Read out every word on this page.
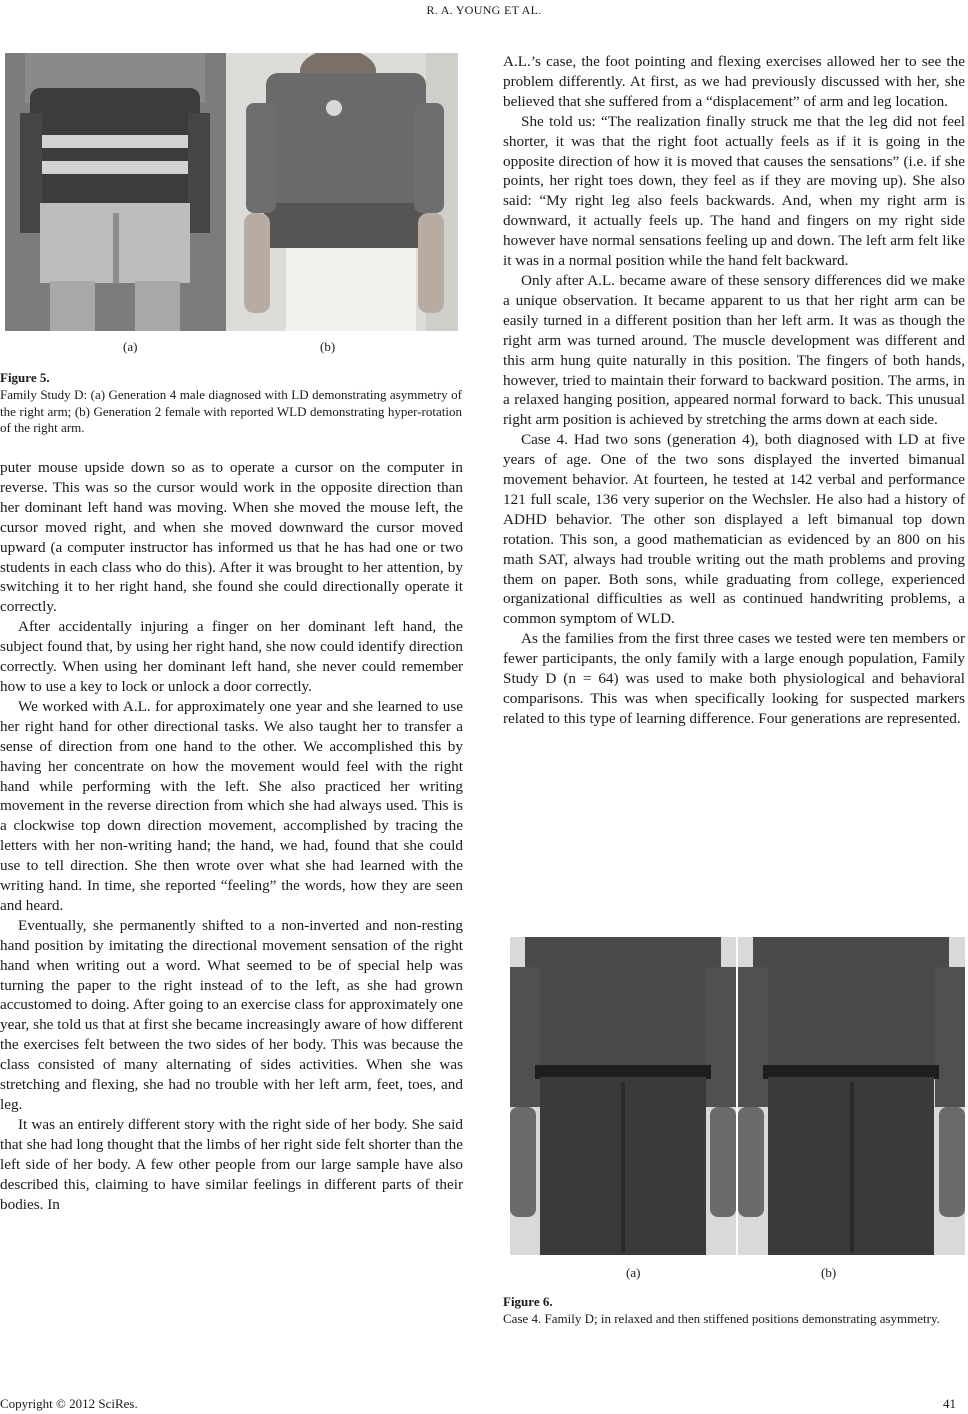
R. A. YOUNG ET AL.
(a)	(b)
Figure 5.
Family Study D: (a) Generation 4 male diagnosed with LD demonstrating asymmetry of the right arm; (b) Generation 2 female with reported WLD demonstrating hyper-rotation of the right arm.

puter mouse upside down so as to operate a cursor on the computer in reverse. This was so the cursor would work in the opposite direction than her dominant left hand was moving. When she moved the mouse left, the cursor moved right, and when she moved downward the cursor moved upward (a computer instructor has informed us that he has had one or two students in each class who do this). After it was brought to her attention, by switching it to her right hand, she found she could directionally operate it correctly.

After accidentally injuring a finger on her dominant left hand, the subject found that, by using her right hand, she now could identify direction correctly. When using her dominant left hand, she never could remember how to use a key to lock or unlock a door correctly.

We worked with A.L. for approximately one year and she learned to use her right hand for other directional tasks. We also taught her to transfer a sense of direction from one hand to the other. We accomplished this by having her concentrate on how the movement would feel with the right hand while performing with the left. She also practiced her writing movement in the reverse direction from which she had always used. This is a clockwise top down direction movement, accomplished by tracing the letters with her non-writing hand; the hand, we had, found that she could use to tell direction. She then wrote over what she had learned with the writing hand. In time, she reported “feeling” the words, how they are seen and heard.

Eventually, she permanently shifted to a non-inverted and non-resting hand position by imitating the directional movement sensation of the right hand when writing out a word. What seemed to be of special help was turning the paper to the right instead of to the left, as she had grown accustomed to doing. After going to an exercise class for approximately one year, she told us that at first she became increasingly aware of how different the exercises felt between the two sides of her body. This was because the class consisted of many alternating of sides activities. When she was stretching and flexing, she had no trouble with her left arm, feet, toes, and leg.

It was an entirely different story with the right side of her body. She said that she had long thought that the limbs of her right side felt shorter than the left side of her body. A few other people from our large sample have also described this, claiming to have similar feelings in different parts of their bodies. In

A.L.’s case, the foot pointing and flexing exercises allowed her to see the problem differently. At first, as we had previously discussed with her, she believed that she suffered from a “displacement” of arm and leg location.

She told us: “The realization finally struck me that the leg did not feel shorter, it was that the right foot actually feels as if it is going in the opposite direction of how it is moved that causes the sensations” (i.e. if she points, her right toes down, they feel as if they are moving up). She also said: “My right leg also feels backwards. And, when my right arm is downward, it actually feels up. The hand and fingers on my right side however have normal sensations feeling up and down. The left arm felt like it was in a normal position while the hand felt backward.

Only after A.L. became aware of these sensory differences did we make a unique observation. It became apparent to us that her right arm can be easily turned in a different position than her left arm. It was as though the right arm was turned around. The muscle development was different and this arm hung quite naturally in this position. The fingers of both hands, however, tried to maintain their forward to backward position. The arms, in a relaxed hanging position, appeared normal forward to back. This unusual right arm position is achieved by stretching the arms down at each side.

Case 4. Had two sons (generation 4), both diagnosed with LD at five years of age. One of the two sons displayed the inverted bimanual movement behavior. At fourteen, he tested at 142 verbal and performance 121 full scale, 136 very superior on the Wechsler. He also had a history of ADHD behavior. The other son displayed a left bimanual top down rotation. This son, a good mathematician as evidenced by an 800 on his math SAT, always had trouble writing out the math problems and proving them on paper. Both sons, while graduating from college, experienced organizational difficulties as well as continued handwriting problems, a common symptom of WLD.

As the families from the first three cases we tested were ten members or fewer participants, the only family with a large enough population, Family Study D (n = 64) was used to make both physiological and behavioral comparisons. This was when specifically looking for suspected markers related to this type of learning difference. Four generations are represented.

(a)	(b)
Figure 6.
Case 4. Family D; in relaxed and then stiffened positions demonstrating asymmetry.
Copyright © 2012 SciRes.	41
